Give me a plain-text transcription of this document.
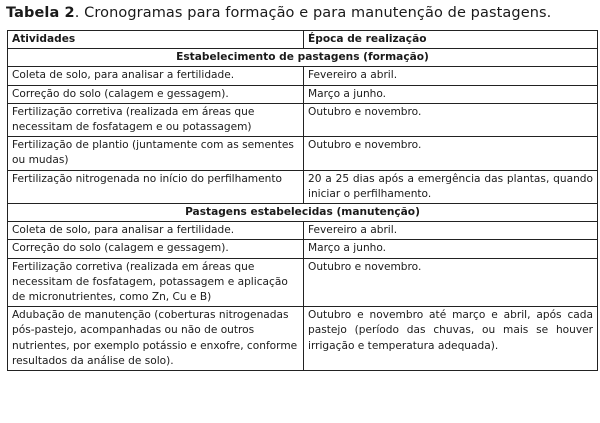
Tabela 2. Cronogramas para formação e para manutenção de pastagens.
Atividades	Época de realização
Estabelecimento de pastagens (formação)	
Coleta de solo, para analisar a fertilidade.	Fevereiro a abril.
Correção do solo (calagem e gessagem).	Março a junho.
Fertilização corretiva (realizada em áreas que necessitam de fosfatagem e ou potassagem)	Outubro e novembro.
Fertilização de plantio (juntamente com as sementes ou mudas)	Outubro e novembro.
Fertilização nitrogenada no início do perfilhamento	20 a 25 dias após a emergência das plantas, quando iniciar o perfilhamento.
Pastagens estabelecidas (manutenção)	
Coleta de solo, para analisar a fertilidade.	Fevereiro a abril.
Correção do solo (calagem e gessagem).	Março a junho.
Fertilização corretiva (realizada em áreas que necessitam de fosfatagem, potassagem e aplicação de micronutrientes, como Zn, Cu e B)	Outubro e novembro.
Adubação de manutenção (coberturas nitrogenadas pós-pastejo, acompanhadas ou não de outros nutrientes, por exemplo potássio e enxofre, conforme resultados da análise de solo).	Outubro e novembro até março e abril, após cada pastejo (período das chuvas, ou mais se houver irrigação e temperatura adequada).
